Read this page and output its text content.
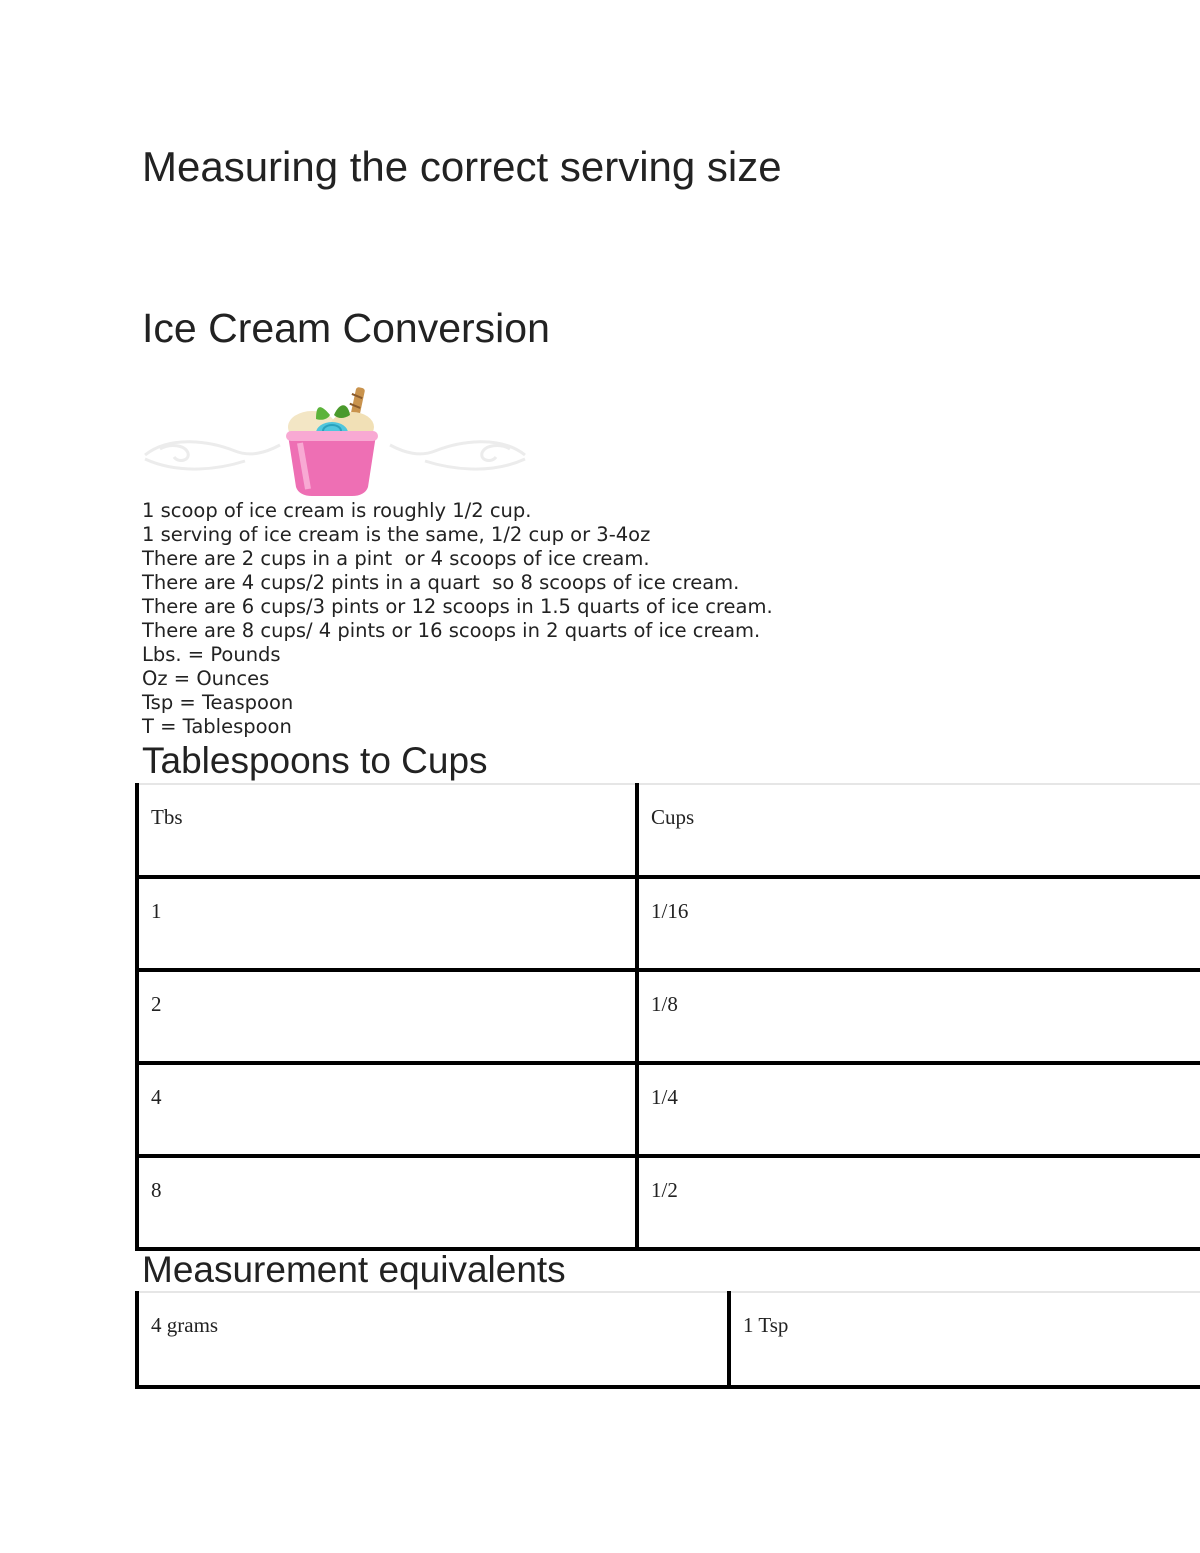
Measuring the correct serving size
Ice Cream Conversion
1 scoop of ice cream is roughly 1/2 cup.
1 serving of ice cream is the same, 1/2 cup or 3-4oz
There are 2 cups in a pint  or 4 scoops of ice cream.
There are 4 cups/2 pints in a quart  so 8 scoops of ice cream.
There are 6 cups/3 pints or 12 scoops in 1.5 quarts of ice cream.
There are 8 cups/ 4 pints or 16 scoops in 2 quarts of ice cream.
Lbs. = Pounds
Oz = Ounces
Tsp = Teaspoon
T = Tablespoon
Tablespoons to Cups
Tbs	Cups
1	1/16
2	1/8
4	1/4
8	1/2
Measurement equivalents
4 grams	1 Tsp
